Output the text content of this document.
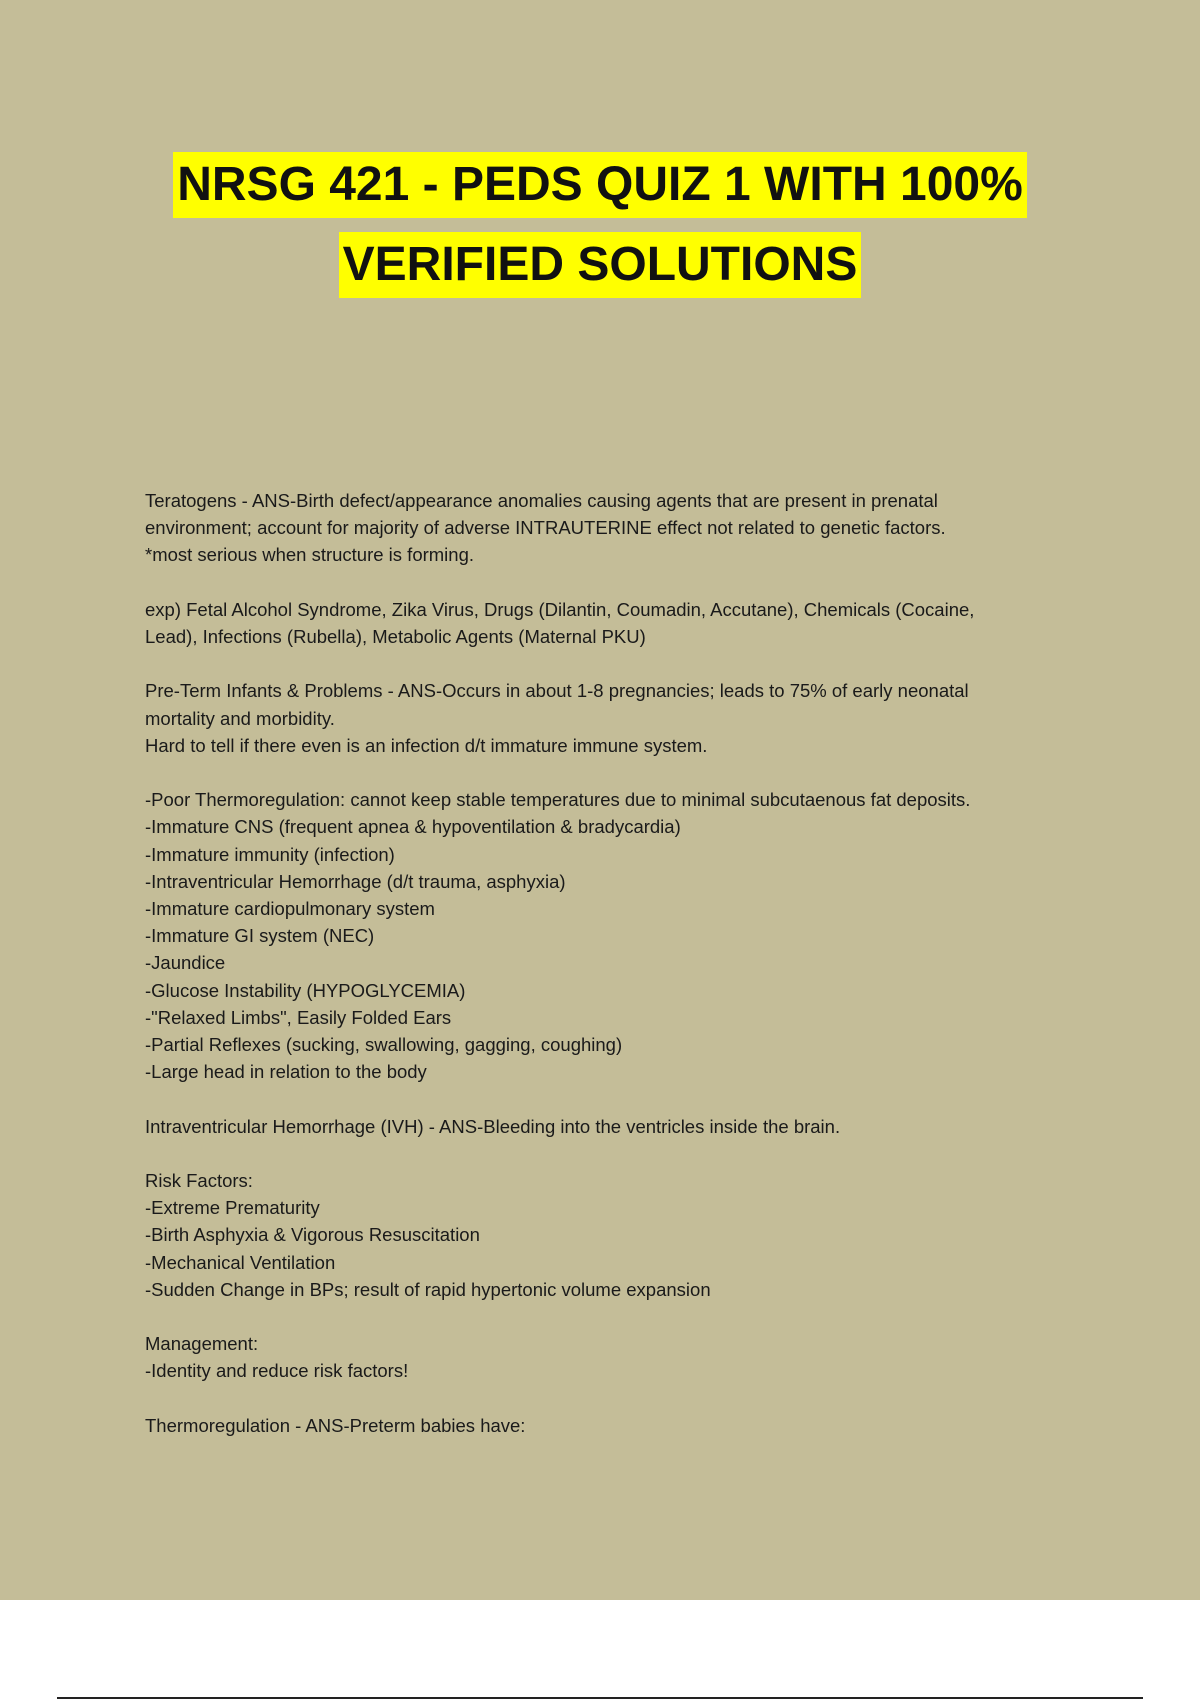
NRSG 421 - PEDS QUIZ 1 WITH 100%
VERIFIED SOLUTIONS
Teratogens - ANS-Birth defect/appearance anomalies causing agents that are present in prenatal
environment; account for majority of adverse INTRAUTERINE effect not related to genetic factors.
*most serious when structure is forming.
exp) Fetal Alcohol Syndrome, Zika Virus, Drugs (Dilantin, Coumadin, Accutane), Chemicals (Cocaine,
Lead), Infections (Rubella), Metabolic Agents (Maternal PKU)
Pre-Term Infants & Problems - ANS-Occurs in about 1-8 pregnancies; leads to 75% of early neonatal
mortality and morbidity.
Hard to tell if there even is an infection d/t immature immune system.
-Poor Thermoregulation: cannot keep stable temperatures due to minimal subcutaenous fat deposits.
-Immature CNS (frequent apnea & hypoventilation & bradycardia)
-Immature immunity (infection)
-Intraventricular Hemorrhage (d/t trauma, asphyxia)
-Immature cardiopulmonary system
-Immature GI system (NEC)
-Jaundice
-Glucose Instability (HYPOGLYCEMIA)
-"Relaxed Limbs", Easily Folded Ears
-Partial Reflexes (sucking, swallowing, gagging, coughing)
-Large head in relation to the body
Intraventricular Hemorrhage (IVH) - ANS-Bleeding into the ventricles inside the brain.
Risk Factors:
-Extreme Prematurity
-Birth Asphyxia & Vigorous Resuscitation
-Mechanical Ventilation
-Sudden Change in BPs; result of rapid hypertonic volume expansion
Management:
-Identity and reduce risk factors!
Thermoregulation - ANS-Preterm babies have:
